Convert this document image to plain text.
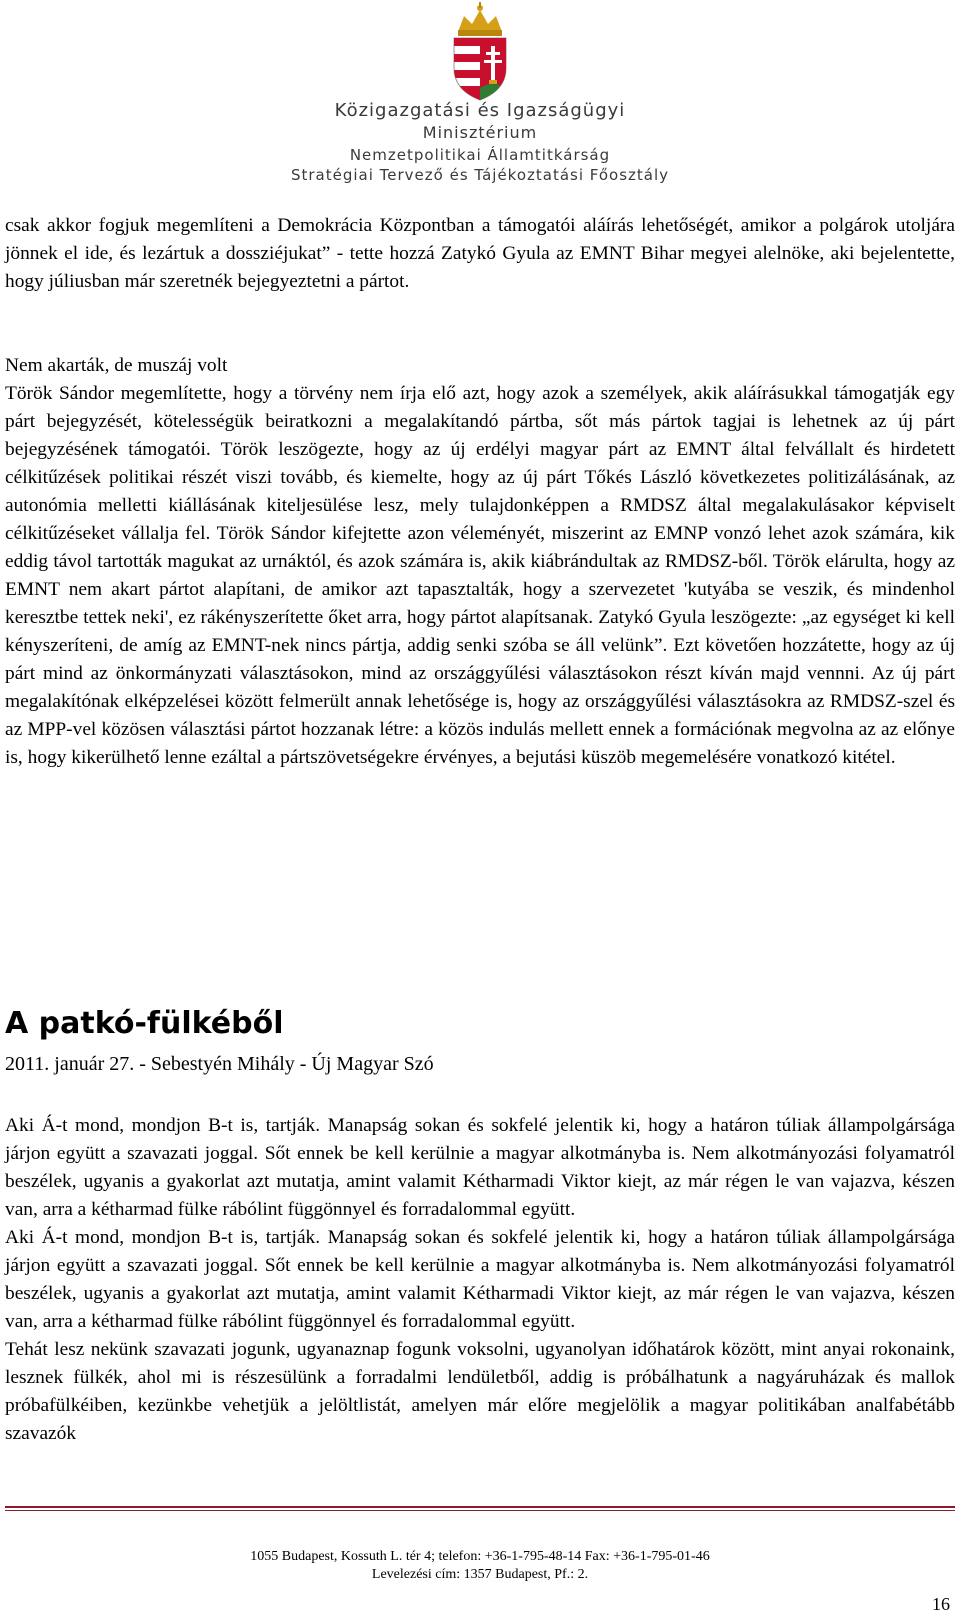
Közigazgatási és Igazságügyi
Minisztérium
Nemzetpolitikai Államtitkárság
Stratégiai Tervező és Tájékoztatási Főosztály

csak akkor fogjuk megemlíteni a Demokrácia Központban a támogatói aláírás lehetőségét, amikor a polgárok utoljára jönnek el ide, és lezártuk a dossziéjukat” - tette hozzá Zatykó Gyula az EMNT Bihar megyei alelnöke, aki bejelentette, hogy júliusban már szeretnék bejegyeztetni a pártot.

Nem akarták, de muszáj volt

Török Sándor megemlítette, hogy a törvény nem írja elő azt, hogy azok a személyek, akik aláírásukkal támogatják egy párt bejegyzését, kötelességük beiratkozni a megalakítandó pártba, sőt más pártok tagjai is lehetnek az új párt bejegyzésének támogatói. Török leszögezte, hogy az új erdélyi magyar párt az EMNT által felvállalt és hirdetett célkitűzések politikai részét viszi tovább, és kiemelte, hogy az új párt Tőkés László következetes politizálásának, az autonómia melletti kiállásának kiteljesülése lesz, mely tulajdonképpen a RMDSZ által megalakulásakor képviselt célkitűzéseket vállalja fel. Török Sándor kifejtette azon véleményét, miszerint az EMNP vonzó lehet azok számára, kik eddig távol tartották magukat az urnáktól, és azok számára is, akik kiábrándultak az RMDSZ-ből. Török elárulta, hogy az EMNT nem akart pártot alapítani, de amikor azt tapasztalták, hogy a szervezetet 'kutyába se veszik, és mindenhol keresztbe tettek neki', ez rákényszerítette őket arra, hogy pártot alapítsanak. Zatykó Gyula leszögezte: „az egységet ki kell kényszeríteni, de amíg az EMNT-nek nincs pártja, addig senki szóba se áll velünk”. Ezt követően hozzátette, hogy az új párt mind az önkormányzati választásokon, mind az országgyűlési választásokon részt kíván majd vennni. Az új párt megalakítónak elképzelései között felmerült annak lehetősége is, hogy az országgyűlési választásokra az RMDSZ-szel és az MPP-vel közösen választási pártot hozzanak létre: a közös indulás mellett ennek a formációnak megvolna az az előnye is, hogy kikerülhető lenne ezáltal a pártszövetségekre érvényes, a bejutási küszöb megemelésére vonatkozó kitétel.

A patkó-fülkéből
2011. január 27. - Sebestyén Mihály - Új Magyar Szó

Aki Á-t mond, mondjon B-t is, tartják. Manapság sokan és sokfelé jelentik ki, hogy a határon túliak állampolgársága járjon együtt a szavazati joggal. Sőt ennek be kell kerülnie a magyar alkotmányba is. Nem alkotmányozási folyamatról beszélek, ugyanis a gyakorlat azt mutatja, amint valamit Kétharmadi Viktor kiejt, az már régen le van vajazva, készen van, arra a kétharmad fülke rábólint függönnyel és forradalommal együtt.

Aki Á-t mond, mondjon B-t is, tartják. Manapság sokan és sokfelé jelentik ki, hogy a határon túliak állampolgársága járjon együtt a szavazati joggal. Sőt ennek be kell kerülnie a magyar alkotmányba is. Nem alkotmányozási folyamatról beszélek, ugyanis a gyakorlat azt mutatja, amint valamit Kétharmadi Viktor kiejt, az már régen le van vajazva, készen van, arra a kétharmad fülke rábólint függönnyel és forradalommal együtt.

Tehát lesz nekünk szavazati jogunk, ugyanaznap fogunk voksolni, ugyanolyan időhatárok között, mint anyai rokonaink, lesznek fülkék, ahol mi is részesülünk a forradalmi lendületből, addig is próbálhatunk a nagyáruházak és mallok próbafülkéiben, kezünkbe vehetjük a jelöltlistát, amelyen már előre megjelölik a magyar politikában analfabétább szavazók

1055 Budapest, Kossuth L. tér 4; telefon: +36-1-795-48-14 Fax: +36-1-795-01-46
Levelezési cím: 1357 Budapest, Pf.: 2.
16
